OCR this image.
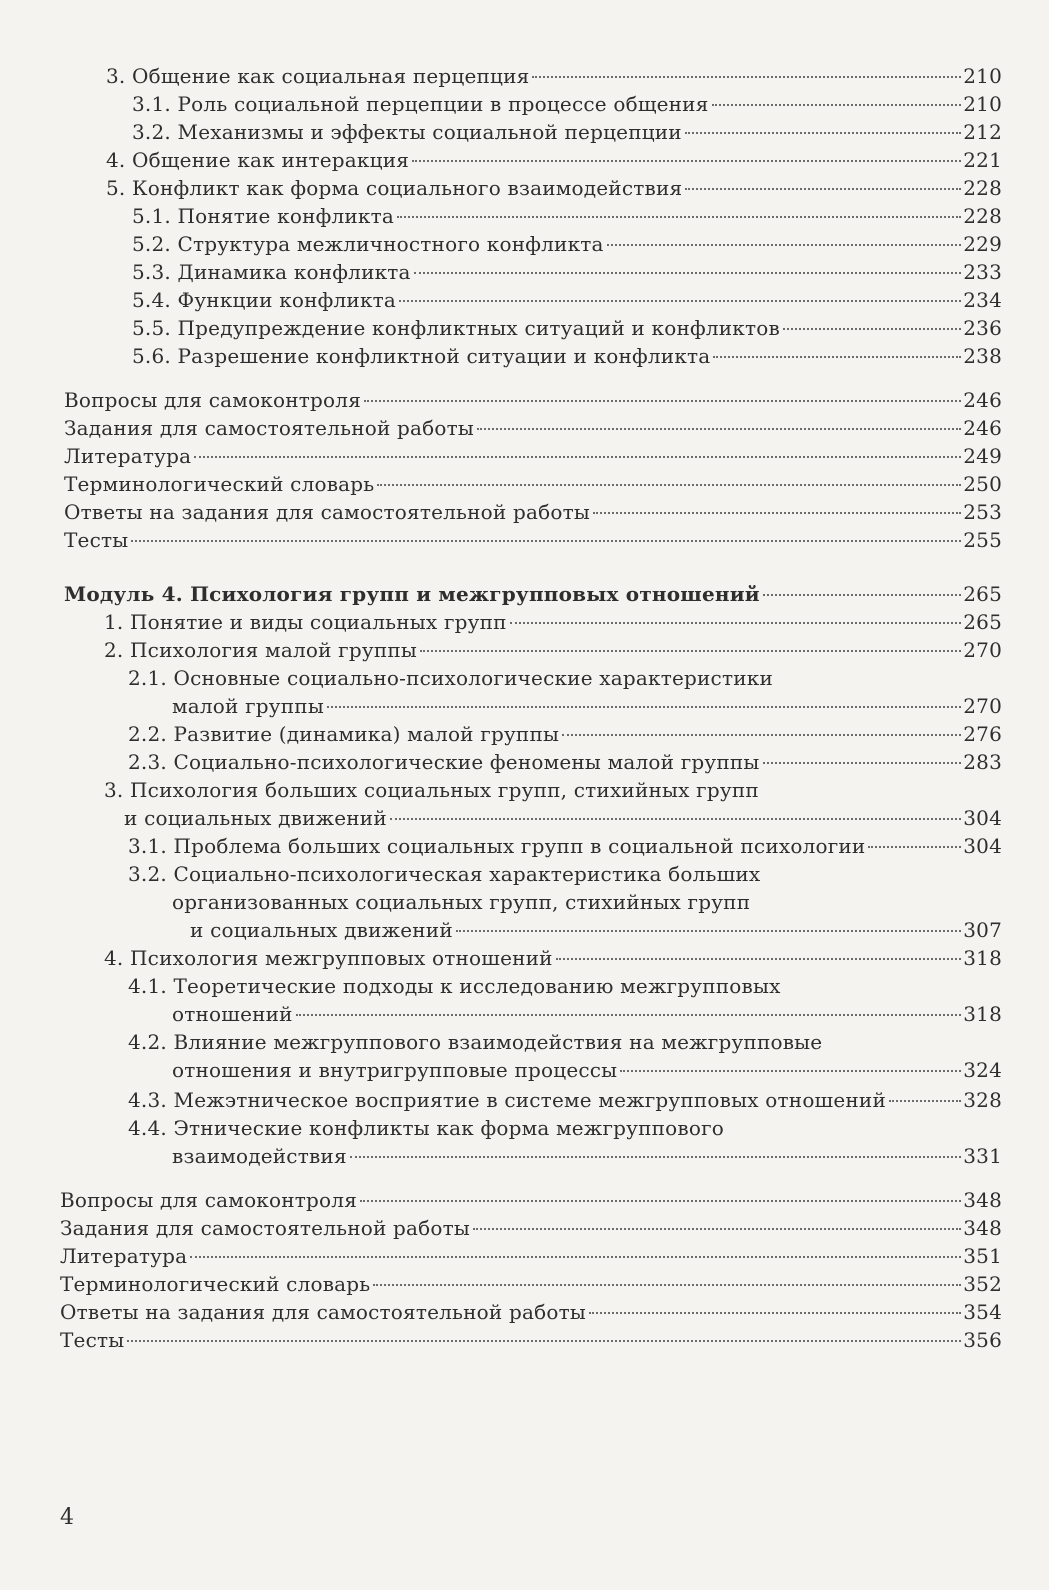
3. Общение как социальная перцепция	210
3.1. Роль социальной перцепции в процессе общения	210
3.2. Механизмы и эффекты социальной перцепции	212
4. Общение как интеракция	221
5. Конфликт как форма социального взаимодействия	228
5.1. Понятие конфликта	228
5.2. Структура межличностного конфликта	229
5.3. Динамика конфликта	233
5.4. Функции конфликта	234
5.5. Предупреждение конфликтных ситуаций и конфликтов	236
5.6. Разрешение конфликтной ситуации и конфликта	238
Вопросы для самоконтроля	246
Задания для самостоятельной работы	246
Литература	249
Терминологический словарь	250
Ответы на задания для самостоятельной работы	253
Тесты	255
Модуль 4. Психология групп и межгрупповых отношений	265
1. Понятие и виды социальных групп	265
2. Психология малой группы	270
2.1. Основные социально-психологические характеристики
малой группы	270
2.2. Развитие (динамика) малой группы	276
2.3. Социально-психологические феномены малой группы	283
3. Психология больших социальных групп, стихийных групп
и социальных движений	304
3.1. Проблема больших социальных групп в социальной психологии	304
3.2. Социально-психологическая характеристика больших
организованных социальных групп, стихийных групп
и социальных движений	307
4. Психология межгрупповых отношений	318
4.1. Теоретические подходы к исследованию межгрупповых
отношений	318
4.2. Влияние межгруппового взаимодействия на межгрупповые
отношения и внутригрупповые процессы	324
4.3. Межэтническое восприятие в системе межгрупповых отношений	328
4.4. Этнические конфликты как форма межгруппового
взаимодействия	331
Вопросы для самоконтроля	348
Задания для самостоятельной работы	348
Литература	351
Терминологический словарь	352
Ответы на задания для самостоятельной работы	354
Тесты	356
4
